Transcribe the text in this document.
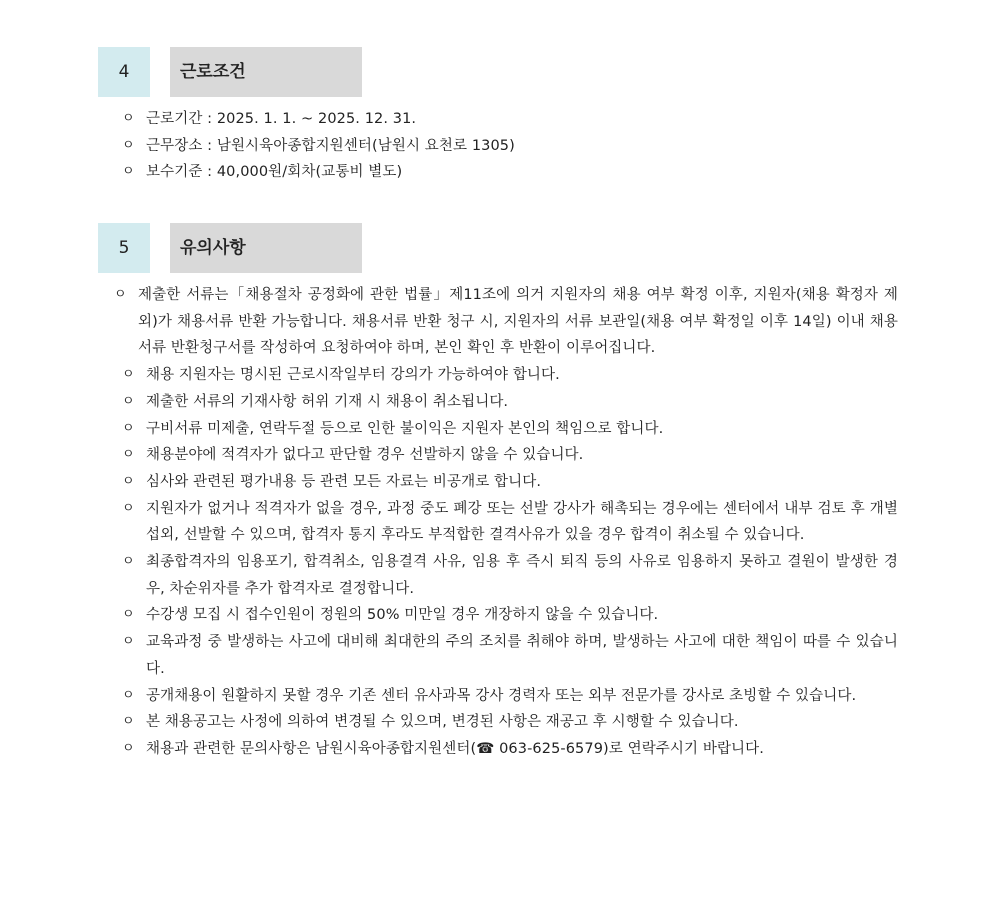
4	근로조건
ㅇ 근로기간 : 2025. 1. 1. ~ 2025. 12. 31.
ㅇ 근무장소 : 남원시육아종합지원센터(남원시 요천로 1305)
ㅇ 보수기준 : 40,000원/회차(교통비 별도)
5	유의사항
ㅇ 제출한 서류는「채용절차 공정화에 관한 법률」제11조에 의거 지원자의 채용 여부 확정 이후, 지원자(채용 확정자 제외)가 채용서류 반환 가능합니다. 채용서류 반환 청구 시, 지원자의 서류 보관일(채용 여부 확정일 이후 14일) 이내 채용서류 반환청구서를 작성하여 요청하여야 하며, 본인 확인 후 반환이 이루어집니다.
ㅇ 채용 지원자는 명시된 근로시작일부터 강의가 가능하여야 합니다.
ㅇ 제출한 서류의 기재사항 허위 기재 시 채용이 취소됩니다.
ㅇ 구비서류 미제출, 연락두절 등으로 인한 불이익은 지원자 본인의 책임으로 합니다.
ㅇ 채용분야에 적격자가 없다고 판단할 경우 선발하지 않을 수 있습니다.
ㅇ 심사와 관련된 평가내용 등 관련 모든 자료는 비공개로 합니다.
ㅇ 지원자가 없거나 적격자가 없을 경우, 과정 중도 폐강 또는 선발 강사가 해촉되는 경우에는 센터에서 내부 검토 후 개별 섭외, 선발할 수 있으며, 합격자 통지 후라도 부적합한 결격사유가 있을 경우 합격이 취소될 수 있습니다.
ㅇ 최종합격자의 임용포기, 합격취소, 임용결격 사유, 임용 후 즉시 퇴직 등의 사유로 임용하지 못하고 결원이 발생한 경우, 차순위자를 추가 합격자로 결정합니다.
ㅇ 수강생 모집 시 접수인원이 정원의 50% 미만일 경우 개장하지 않을 수 있습니다.
ㅇ 교육과정 중 발생하는 사고에 대비해 최대한의 주의 조치를 취해야 하며, 발생하는 사고에 대한 책임이 따를 수 있습니다.
ㅇ 공개채용이 원활하지 못할 경우 기존 센터 유사과목 강사 경력자 또는 외부 전문가를 강사로 초빙할 수 있습니다.
ㅇ 본 채용공고는 사정에 의하여 변경될 수 있으며, 변경된 사항은 재공고 후 시행할 수 있습니다.
ㅇ 채용과 관련한 문의사항은 남원시육아종합지원센터(☎ 063-625-6579)로 연락주시기 바랍니다.
